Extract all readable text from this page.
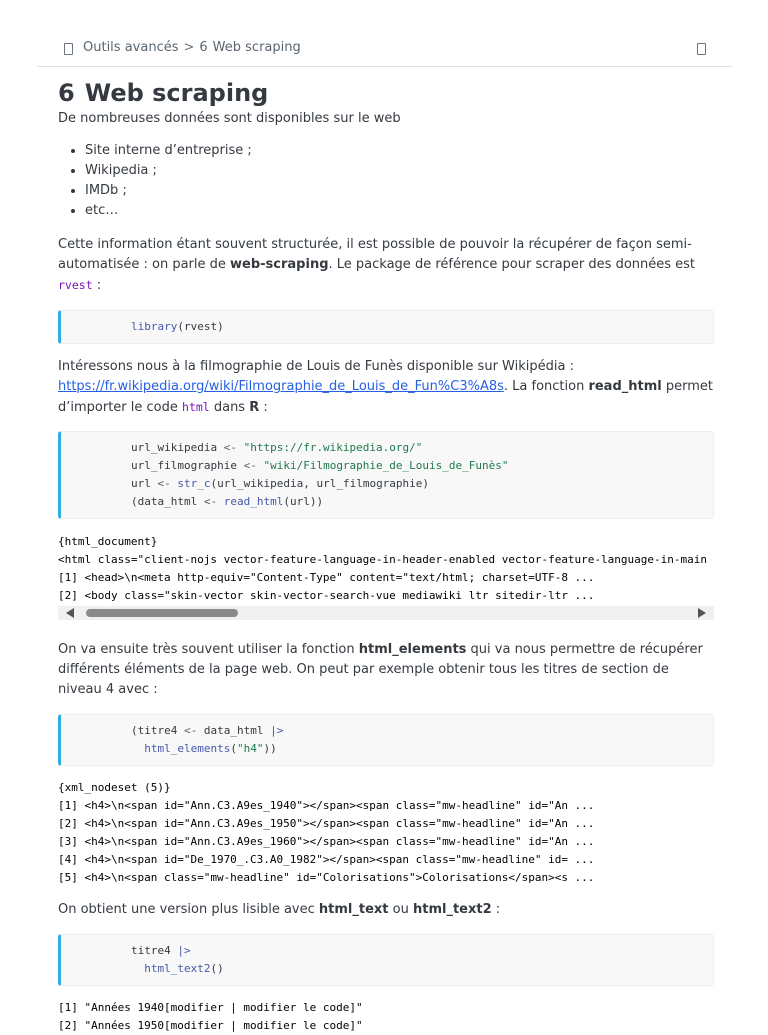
Outils avancés > 6 Web scraping
6 Web scraping

De nombreuses données sont disponibles sur le web

• Site interne d’entreprise ;
• Wikipedia ;
• IMDb ;
• etc…

Cette information étant souvent structurée, il est possible de pouvoir la récupérer de façon semi-automatisée : on parle de web-scraping. Le package de référence pour scraper des données est rvest :

library(rvest)

Intéressons nous à la filmographie de Louis de Funès disponible sur Wikipédia : https://fr.wikipedia.org/wiki/Filmographie_de_Louis_de_Fun%C3%A8s. La fonction read_html permet d’importer le code html dans R :

url_wikipedia <- "https://fr.wikipedia.org/"
url_filmographie <- "wiki/Filmographie_de_Louis_de_Funès"
url <- str_c(url_wikipedia, url_filmographie)
(data_html <- read_html(url))
{html_document}
<html class="client-nojs vector-feature-language-in-header-enabled vector-feature-language-in-main
[1] <head>\n<meta http-equiv="Content-Type" content="text/html; charset=UTF-8 ...
[2] <body class="skin-vector skin-vector-search-vue mediawiki ltr sitedir-ltr ...

On va ensuite très souvent utiliser la fonction html_elements qui va nous permettre de récupérer différents éléments de la page web. On peut par exemple obtenir tous les titres de section de niveau 4 avec :

(titre4 <- data_html |>
html_elements("h4"))
{xml_nodeset (5)}
[1] <h4>\n<span id="Ann.C3.A9es_1940"></span><span class="mw-headline" id="An ...
[2] <h4>\n<span id="Ann.C3.A9es_1950"></span><span class="mw-headline" id="An ...
[3] <h4>\n<span id="Ann.C3.A9es_1960"></span><span class="mw-headline" id="An ...
[4] <h4>\n<span id="De_1970_.C3.A0_1982"></span><span class="mw-headline" id= ...
[5] <h4>\n<span class="mw-headline" id="Colorisations">Colorisations</span><s ...

On obtient une version plus lisible avec html_text ou html_text2 :

titre4 |>
html_text2()
[1] "Années 1940[modifier | modifier le code]"
[2] "Années 1950[modifier | modifier le code]"
